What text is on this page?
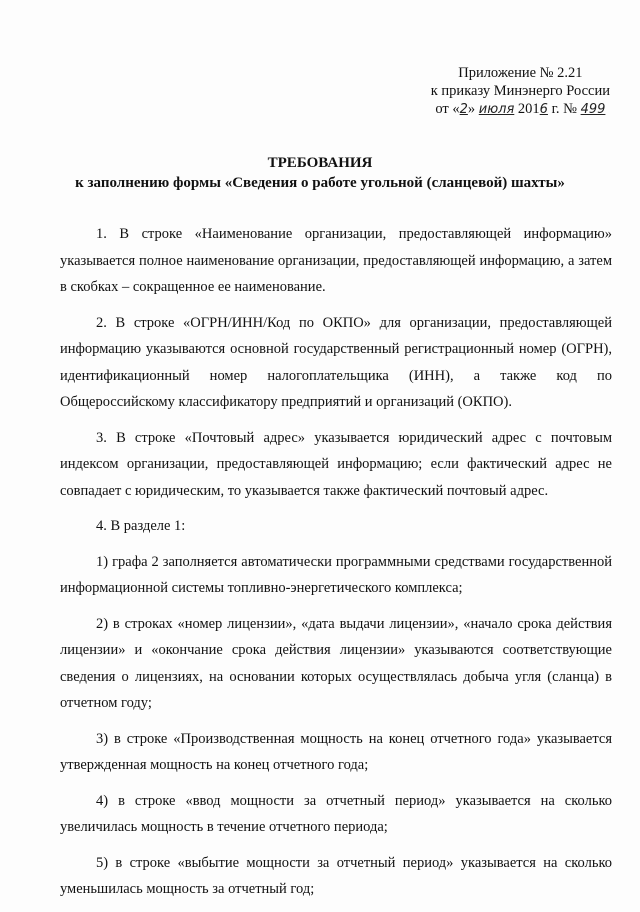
Приложение № 2.21
к приказу Минэнерго России
от «2» июля 2016 г. № 499
ТРЕБОВАНИЯ
к заполнению формы «Сведения о работе угольной (сланцевой) шахты»

1. В строке «Наименование организации, предоставляющей информацию» указывается полное наименование организации, предоставляющей информацию, а затем в скобках – сокращенное ее наименование.

2. В строке «ОГРН/ИНН/Код по ОКПО» для организации, предоставляющей информацию указываются основной государственный регистрационный номер (ОГРН), идентификационный номер налогоплательщика (ИНН), а также код по Общероссийскому классификатору предприятий и организаций (ОКПО).

3. В строке «Почтовый адрес» указывается юридический адрес с почтовым индексом организации, предоставляющей информацию; если фактический адрес не совпадает с юридическим, то указывается также фактический почтовый адрес.

4. В разделе 1:

1) графа 2 заполняется автоматически программными средствами государственной информационной системы топливно-энергетического комплекса;

2) в строках «номер лицензии», «дата выдачи лицензии», «начало срока действия лицензии» и «окончание срока действия лицензии» указываются соответствующие сведения о лицензиях, на основании которых осуществлялась добыча угля (сланца) в отчетном году;

3) в строке «Производственная мощность на конец отчетного года» указывается утвержденная мощность на конец отчетного года;

4) в строке «ввод мощности за отчетный период» указывается на сколько увеличилась мощность в течение отчетного периода;

5) в строке «выбытие мощности за отчетный период» указывается на сколько уменьшилась мощность за отчетный год;
